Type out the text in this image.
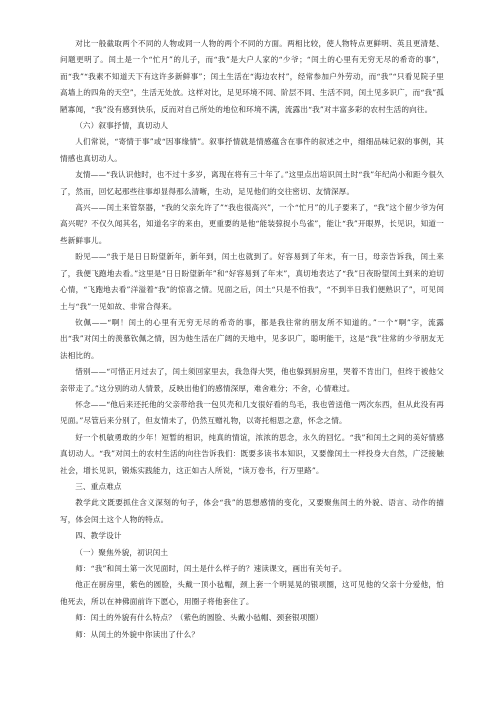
对比一般截取两个不同的人物或同一人物的两个不同的方面。两相比较，使人物特点更鲜明、英且更清楚、问题更明了。闰土是一个“忙月”的儿子，而“我”是大户人家的“少爷；“闰土的心里有无穷无尽的希奇的事”，而“我”“我素不知道天下有这许多新鲜事”；闰土生活在“海边农村”，经常参加户外劳动，而“我”“只看见院子里高墙上的四角的天空”，生活无处放。这样对比，足见环境不同、阶层不同、生活不同，闰土见多识广，而“我”孤陋寡闻，“我”没有感到快乐，反而对自己所处的地位和环境不满，流露出“我”对丰富多彩的农村生活的向往。

（六）叙事抒情，真切动人

人们常说，“寄情于事”或“因事缘情”。叙事抒情就是情感蕴含在事件的叙述之中，细细品味记叙的事例，其情感也真切动人。

友情——“我认识他时，也不过十多岁，离现在将有三十年了。”这里点出培识闰土时“我”年纪尚小和距今很久了，然而，回忆起那些往事却显得那么清晰，生动，足见他们的交往密切、友情深厚。

高兴——闰土来管祭器，“我的父亲允许了”“我也很高兴”，一个“忙月”的儿子要来了，“我”这个留少爷为何高兴呢？不仅久闻其名，知道名字的来由，更重要的是他“能装弶捉小鸟雀”，能让“我”开眼界，长见识，知道一些新鲜事儿。

盼见——“我于是日日盼望新年，新年到，闰土也就到了。好容易到了年末，有一日，母亲告诉我，闰土来了，我便飞跑地去看。”这里是“日日盼望新年”和“好容易到了年末”，真切地表达了“我”日夜盼望闰土到来的迫切心情，“飞跑地去看”洋溢着“我”的惊喜之情。见面之后，闰土“只是不怕我”，“不到半日我们便熟识了”，可见闰土与“我”一见如故、非常合得来。

钦佩——“啊！闰土的心里有无穷无尽的希奇的事，都是我往常的朋友所不知道的。”一个“啊”字，流露出“我”对闰土的羡慕钦佩之情，因为他生活在广阔的天地中，见多识广，聪明能干，这是“我”往常的少爷朋友无法相比的。

惜别——“可惜正月过去了，闰土须回家里去，我急得大哭，他也躲到厨房里，哭着不肯出门，但终于被他父亲带走了。”这分别的动人情景，反映出他们的感情深厚，难舍难分；不舍，心情难过。

怀念——“他后来还托他的父亲带给我一包贝壳和几支很好看的鸟毛，我也曾送他一两次东西，但从此没有再见面。”尽管后来分别了，但友情未了，仍然互赠礼物，以寄托相思之意，怀念之情。

好一个机敏勇敢的少年！短暂的相识，纯真的情谊，浓浓的思念，永久的回忆。“我”和闰土之间的美好情感真切动人。“我”对闰土的农村生活的向往告诉我们：既要多读书本知识，又要像闰土一样投身大自然，广泛接触社会，增长见识，锻炼实践能力，这正如古人所说，“读万卷书，行万里路”。

三、重点难点

教学此文既要抓住含义深刻的句子，体会“我”的思想感情的变化，又要聚焦闰土的外貌、语言、动作的描写，体会闰土这个人物的特点。

四、教学设计

（一）聚焦外貌，初识闰土

师：“我”和闰土第一次见面时，闰土是什么样子的？速读课文，画出有关句子。

他正在厨房里，紫色的圆脸，头戴一顶小毡帽，颈上套一个明晃晃的银项圈，这可见他的父亲十分爱他，怕他死去，所以在神佛面前许下愿心，用圈子将他套住了。

师：闰土的外貌有什么特点？（紫色的圆脸、头戴小毡帽、颈套银项圈）

师：从闰土的外貌中你读出了什么？
